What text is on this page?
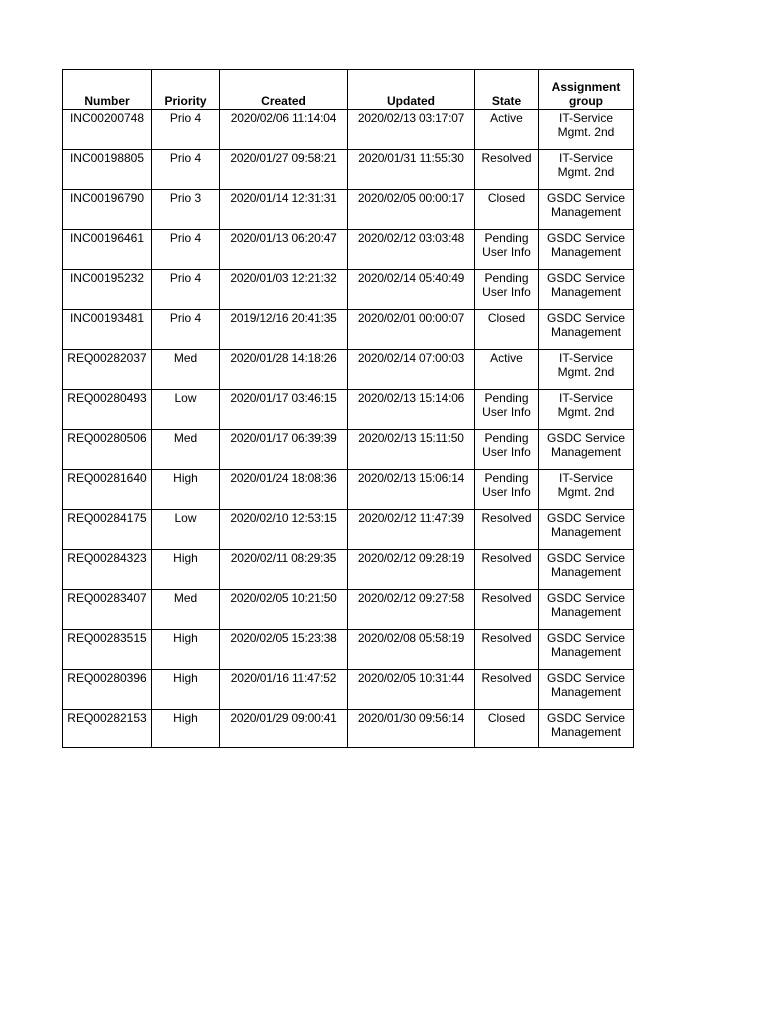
Number	Priority	Created	Updated	State	Assignment group
INC00200748	Prio 4	2020/02/06 11:14:04	2020/02/13 03:17:07	Active	IT-Service Mgmt. 2nd
INC00198805	Prio 4	2020/01/27 09:58:21	2020/01/31 11:55:30	Resolved	IT-Service Mgmt. 2nd
INC00196790	Prio 3	2020/01/14 12:31:31	2020/02/05 00:00:17	Closed	GSDC Service Management
INC00196461	Prio 4	2020/01/13 06:20:47	2020/02/12 03:03:48	Pending User Info	GSDC Service Management
INC00195232	Prio 4	2020/01/03 12:21:32	2020/02/14 05:40:49	Pending User Info	GSDC Service Management
INC00193481	Prio 4	2019/12/16 20:41:35	2020/02/01 00:00:07	Closed	GSDC Service Management
REQ00282037	Med	2020/01/28 14:18:26	2020/02/14 07:00:03	Active	IT-Service Mgmt. 2nd
REQ00280493	Low	2020/01/17 03:46:15	2020/02/13 15:14:06	Pending User Info	IT-Service Mgmt. 2nd
REQ00280506	Med	2020/01/17 06:39:39	2020/02/13 15:11:50	Pending User Info	GSDC Service Management
REQ00281640	High	2020/01/24 18:08:36	2020/02/13 15:06:14	Pending User Info	IT-Service Mgmt. 2nd
REQ00284175	Low	2020/02/10 12:53:15	2020/02/12 11:47:39	Resolved	GSDC Service Management
REQ00284323	High	2020/02/11 08:29:35	2020/02/12 09:28:19	Resolved	GSDC Service Management
REQ00283407	Med	2020/02/05 10:21:50	2020/02/12 09:27:58	Resolved	GSDC Service Management
REQ00283515	High	2020/02/05 15:23:38	2020/02/08 05:58:19	Resolved	GSDC Service Management
REQ00280396	High	2020/01/16 11:47:52	2020/02/05 10:31:44	Resolved	GSDC Service Management
REQ00282153	High	2020/01/29 09:00:41	2020/01/30 09:56:14	Closed	GSDC Service Management
